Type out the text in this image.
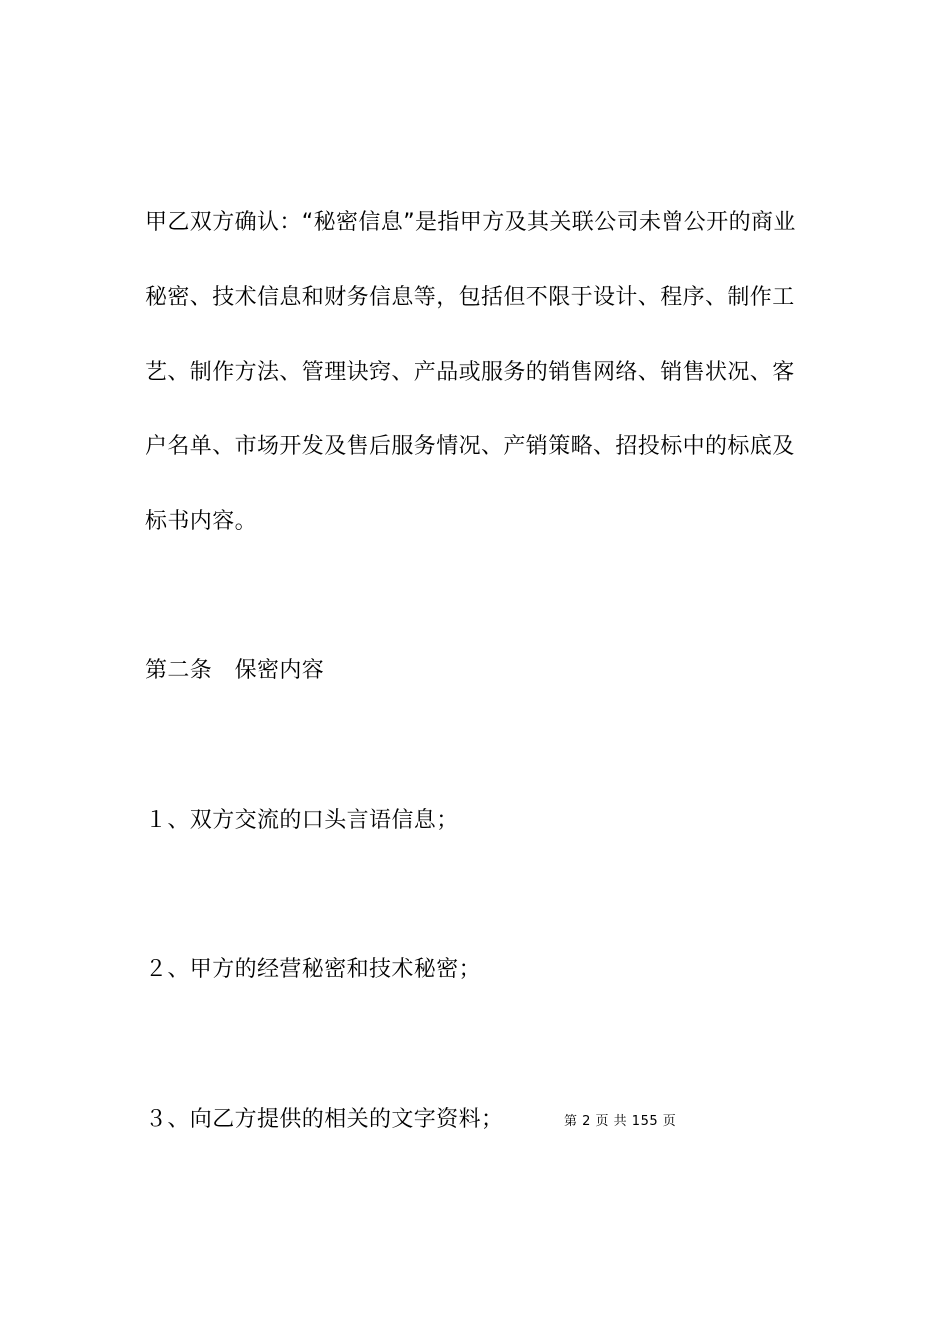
甲乙双方确认：“秘密信息”是指甲方及其关联公司未曾公开的商业
秘密、技术信息和财务信息等，包括但不限于设计、程序、制作工
艺、制作方法、管理诀窍、产品或服务的销售网络、销售状况、客
户名单、市场开发及售后服务情况、产销策略、招投标中的标底及
标书内容。
第二条　保密内容
１、双方交流的口头言语信息；
２、甲方的经营秘密和技术秘密；
３、向乙方提供的相关的文字资料；	第 2 页 共 155 页
